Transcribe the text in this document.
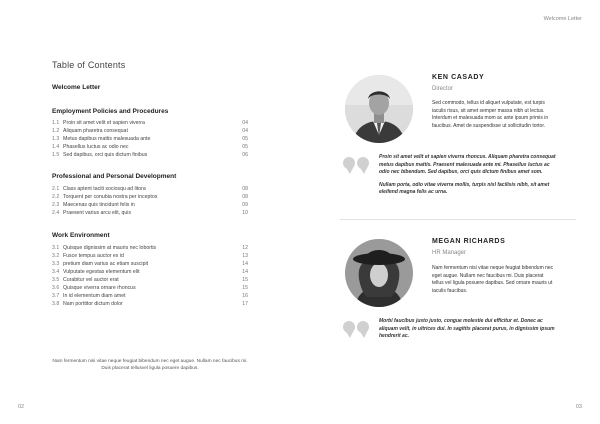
Welcome Letter
Table of Contents
Welcome Letter
Employment Policies and Procedures
1.1 Proin sit amet velit et sapien viverra	04
1.2 Aliquam pharetra consequat	04
1.3 Metus dapibus mattis malesuada ante	05
1.4 Phasellus luctus ac odio nec	05
1.5 Sed dapibus, orci quis dictum finibus	06
Professional and Personal Development
2.1 Class aptent taciti sociosqu ad litora	08
2.2 Torquent per conubia nostra per inceptos	08
2.3 Maecenas quis tincidunt felis in	09
2.4 Praesent varius arcu elit, quis	10
Work Environment
3.1 Quisque dignissim at mauris nec lobortis	12
3.2 Fusce tempus auctor ex id	13
3.3 pretium diam varius ac etiam suscipit	14
3.4 Vulputate egestas elementum elit	14
3.5 Curabitur vel auctor erat	15
3.6 Quisque viverra ornare rhoncus	15
3.7 In id elementum diam amet	16
3.8 Nam porttitor dictum dolor	17
Nam fermentum nisi vitae neque feugiat bibendum nec eget augue. Nullam nec faucibus mi. Duis placerat tellusvel ligula posuere dapibus.
02	03
KEN CASADY
Director
Sed commodo, tellus id aliquet vulputate, est turpis iaculis risus, sit amet semper massa nibh ut lectus. Interdum et malesuada mom ac ante ipsum primis in faucibus. Amet de suspendisse ut sollicitudin tortor.

Proin sit amet velit et sapien viverra rhoncus. Aliquam pharetra consequat metus dapibus mattis. Praesent malesuada ante mi. Phasellus luctus ac odio nec bibendum. Sed dapibus, orci quis dictum finibus amet som.

Nullam porta, odio vitae viverra mollis, turpis nisl facilisis nibh, sit amet eleifend magna felis ac urna.

MEGAN RICHARDS
HR Manager
Nam fermentum nisi vitae neque feugiat bibendum nec eget augue. Nullam nec faucibus mi. Duis placerat tellus vel ligula posuere dapibus. Sed ornare mauris ut iaculis faucibus.

Morbi faucibus justo justo, congue molestie dui efficitur et. Donec ac aliquam velit, in ultrices dui. In sagittis placerat purus, in dignissim ipsum hendrerit ac.
